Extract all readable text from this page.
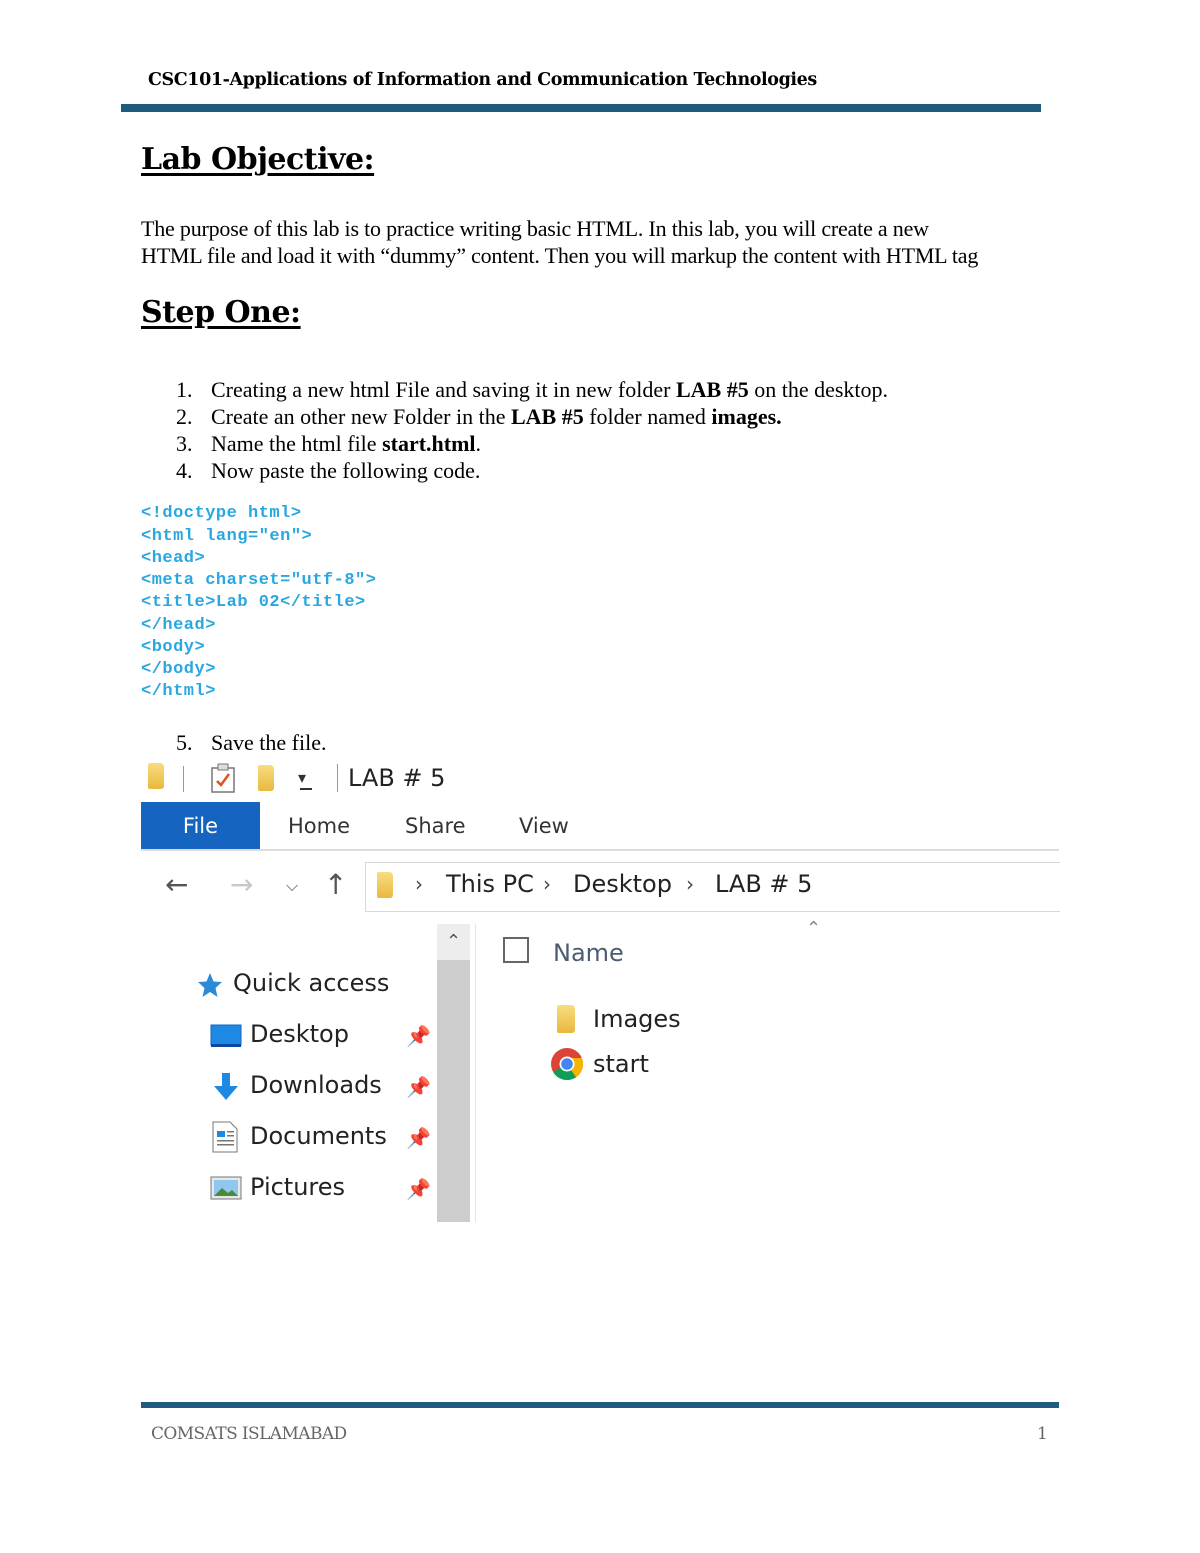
CSC101-Applications of Information and Communication Technologies
Lab Objective:
The purpose of this lab is to practice writing basic HTML. In this lab, you will create a new
HTML file and load it with “dummy” content. Then you will markup the content with HTML tag
Step One:
1. Creating a new html File and saving it in new folder LAB #5 on the desktop.
2. Create an other new Folder in the LAB #5 folder named images.
3. Name the html file start.html.
4. Now paste the following code.
<!doctype html>
<html lang="en">
<head>
<meta charset="utf-8">
<title>Lab 02</title>
</head>
<body>
</body>
</html>
5. Save the file.
▾ LAB # 5
File	Home	Share	View
← → ⌵ ↑	› This PC › Desktop › LAB # 5
Quick access
Desktop	📌
Downloads 📌
Documents 📌
Pictures	📌
⌃
⌃
Name
Images
start
COMSATS ISLAMABAD	1
